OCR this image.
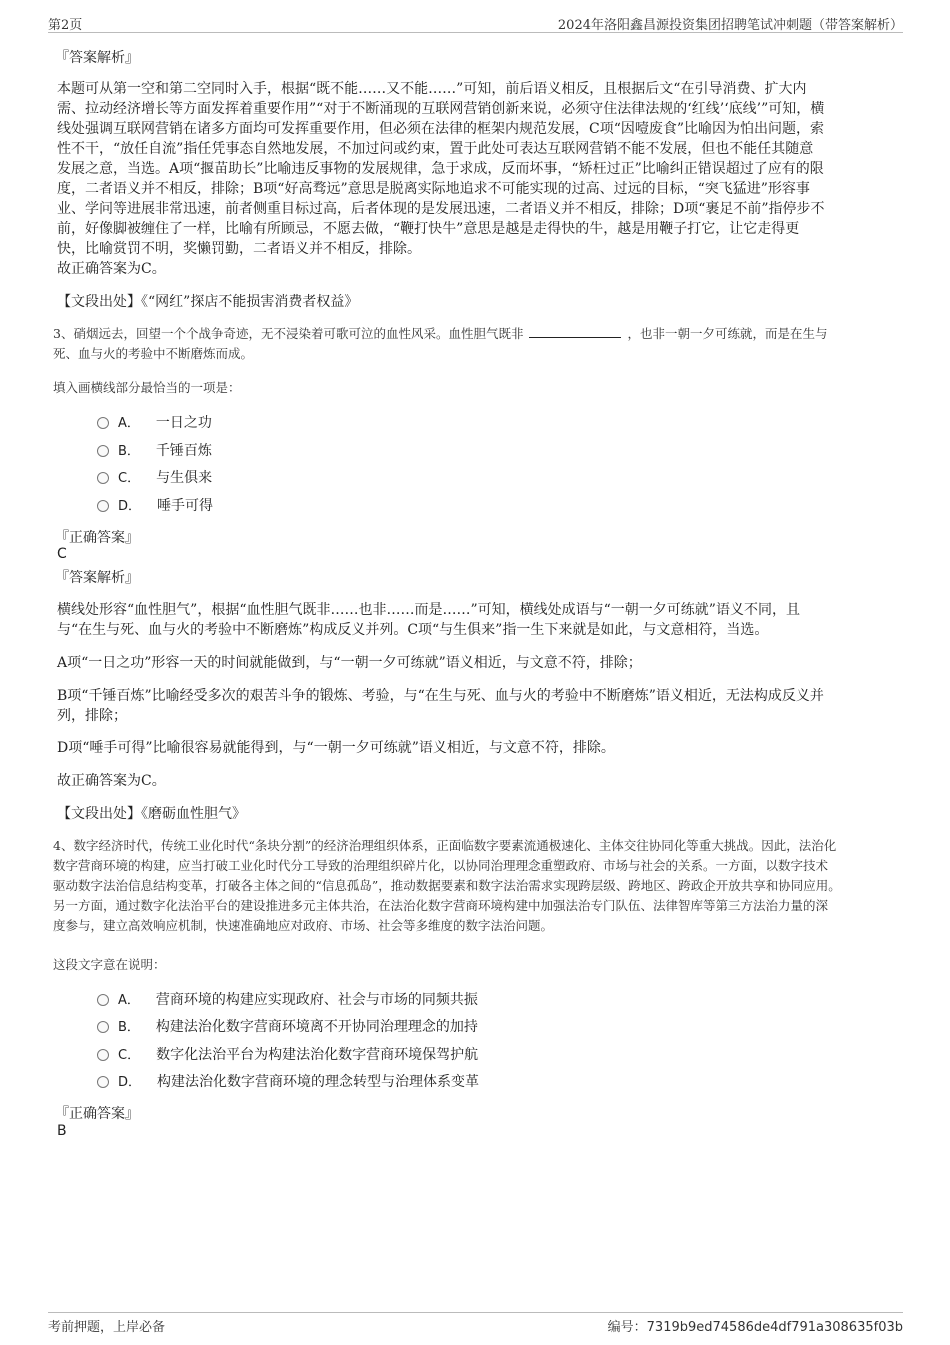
第2页	2024年洛阳鑫昌源投资集团招聘笔试冲刺题（带答案解析）
『答案解析』
本题可从第一空和第二空同时入手，根据“既不能……又不能……”可知，前后语义相反，且根据后文“在引导消费、扩大内
需、拉动经济增长等方面发挥着重要作用”“对于不断涌现的互联网营销创新来说，必须守住法律法规的‘红线’‘底线’”可知，横
线处强调互联网营销在诸多方面均可发挥重要作用，但必须在法律的框架内规范发展，C项“因噎废食”比喻因为怕出问题，索
性不干，“放任自流”指任凭事态自然地发展，不加过问或约束，置于此处可表达互联网营销不能不发展，但也不能任其随意
发展之意，当选。A项“揠苗助长”比喻违反事物的发展规律，急于求成，反而坏事，“矫枉过正”比喻纠正错误超过了应有的限
度，二者语义并不相反，排除；B项“好高骛远”意思是脱离实际地追求不可能实现的过高、过远的目标，“突飞猛进”形容事
业、学问等进展非常迅速，前者侧重目标过高，后者体现的是发展迅速，二者语义并不相反，排除；D项“裹足不前”指停步不
前，好像脚被缠住了一样，比喻有所顾忌，不愿去做，“鞭打快牛”意思是越是走得快的牛，越是用鞭子打它，让它走得更
快，比喻赏罚不明，奖懒罚勤，二者语义并不相反，排除。
故正确答案为C。
【文段出处】《“网红”探店不能损害消费者权益》
3、硝烟远去，回望一个个战争奇迹，无不浸染着可歌可泣的血性风采。血性胆气既非	，也非一朝一夕可练就，而是在生与
死、血与火的考验中不断磨炼而成。
填入画横线部分最恰当的一项是：
A． 一日之功
B． 千锤百炼
C． 与生俱来
D． 唾手可得
『正确答案』
C
『答案解析』
横线处形容“血性胆气”，根据“血性胆气既非……也非……而是……”可知，横线处成语与“一朝一夕可练就”语义不同，且
与“在生与死、血与火的考验中不断磨炼”构成反义并列。C项“与生俱来”指一生下来就是如此，与文意相符，当选。
A项“一日之功”形容一天的时间就能做到，与“一朝一夕可练就”语义相近，与文意不符，排除；
B项“千锤百炼”比喻经受多次的艰苦斗争的锻炼、考验，与“在生与死、血与火的考验中不断磨炼”语义相近，无法构成反义并
列，排除；
D项“唾手可得”比喻很容易就能得到，与“一朝一夕可练就”语义相近，与文意不符，排除。
故正确答案为C。
【文段出处】《磨砺血性胆气》
4、数字经济时代，传统工业化时代“条块分割”的经济治理组织体系，正面临数字要素流通极速化、主体交往协同化等重大挑战。因此，法治化
数字营商环境的构建，应当打破工业化时代分工导致的治理组织碎片化，以协同治理理念重塑政府、市场与社会的关系。一方面，以数字技术
驱动数字法治信息结构变革，打破各主体之间的“信息孤岛”，推动数据要素和数字法治需求实现跨层级、跨地区、跨政企开放共享和协同应用。
另一方面，通过数字化法治平台的建设推进多元主体共治，在法治化数字营商环境构建中加强法治专门队伍、法律智库等第三方法治力量的深
度参与，建立高效响应机制，快速准确地应对政府、市场、社会等多维度的数字法治问题。
这段文字意在说明：
A． 营商环境的构建应实现政府、社会与市场的同频共振
B． 构建法治化数字营商环境离不开协同治理理念的加持
C． 数字化法治平台为构建法治化数字营商环境保驾护航
D． 构建法治化数字营商环境的理念转型与治理体系变革
『正确答案』
B
考前押题，上岸必备	编号：7319b9ed74586de4df791a308635f03b
